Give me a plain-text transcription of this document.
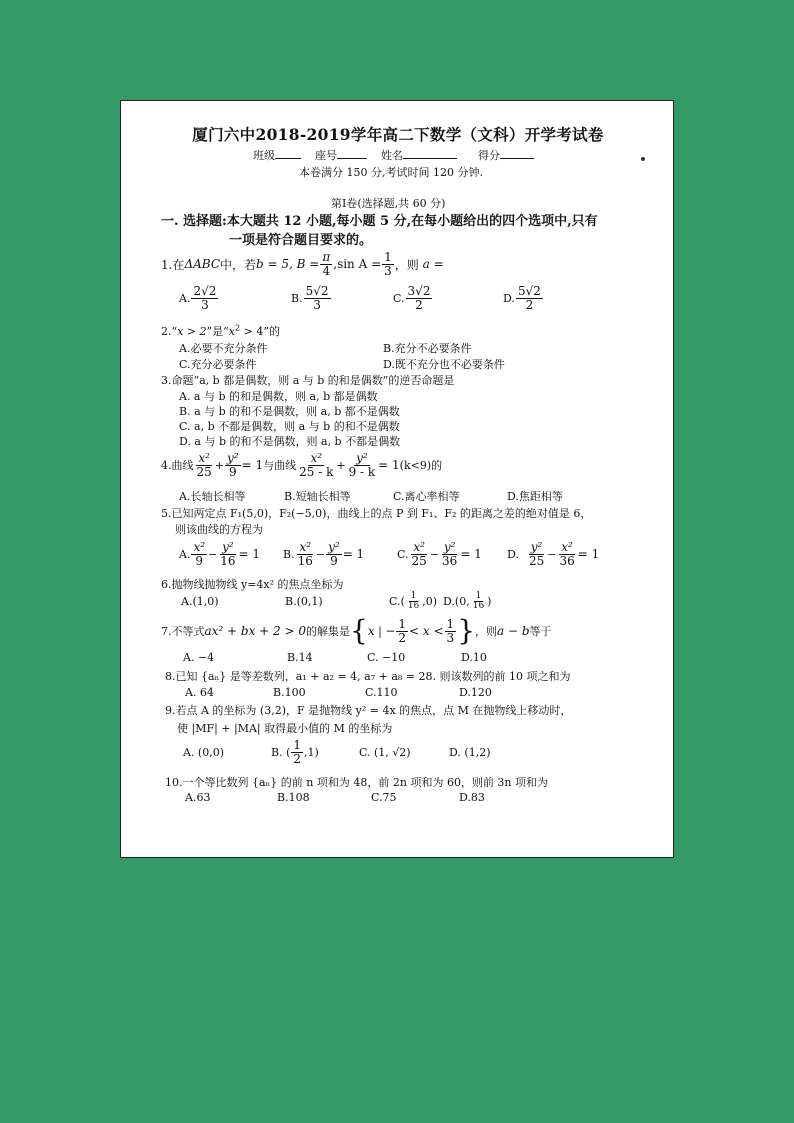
厦门六中2018-2019学年高二下数学（文科）开学考试卷
班级	座号	姓名	得分
本卷满分 150 分,考试时间 120 分钟.
第Ⅰ卷(选择题,共 60 分)
一. 选择题:本大题共 12 小题,每小题 5 分,在每小题给出的四个选项中,只有
一项是符合题目要求的。
1.在 ΔABC 中，若 b = 5, $B = \frac{\pi}{4} ,\sin$ $A = \frac{1}{3}$ ，则
a =
A. $\frac{2√2}{3}$	B. $\frac{5√2}{3}$	C. $\frac{3√2}{2}$	D. $\frac{5√2}{2}$
2.“x > 2”是“$x^2 > 4$”的
A.必要不充分条件	B.充分不必要条件
C.充分必要条件	D.既不充分也不必要条件
3.命题“a, b 都是偶数，则 a 与 b 的和是偶数”的逆否命题是
A. a 与 b 的和是偶数，则 a, b 都是偶数
B. a 与 b 的和不是偶数，则 a, b 都不是偶数
C. a, b 不都是偶数，则 a 与 b 的和不是偶数
D. a 与 b 的和不是偶数，则 a, b 不都是偶数
4.曲线 $\frac{\text{x²}}{25} + \frac{\text{y²}}{9} = 1$ 与曲线 $\frac{\text{x²}}{25 - k} + \frac{\text{y²}}{9 - k} = 1$ (k<9)的
A.长轴长相等	B.短轴长相等	C.离心率相等	D.焦距相等
5.已知两定点 F₁(5,0)，F₂(−5,0)，曲线上的点 P 到 F₁、F₂ 的距离之差的绝对值是 6，
则该曲线的方程为
A. $\frac{\text{x²}}{9} - \frac{\text{y²}}{16} = 1$ B. $\frac{\text{x²}}{16} - \frac{\text{y²}}{9} = 1$	C. $\frac{\text{x²}}{25} - \frac{\text{y²}}{36} = 1$ D.
$\frac{\text{y²}}{25} - \frac{\text{x²}}{36} = 1$
6.抛物线抛物线 y=4x² 的焦点坐标为
A.(1,0)	B.(0,1)	$C.( \frac{1}{16} ,0)$ D.(0, $\frac{1}{16}$ )
7.不等式 ax² + bx + 2 > 0 的解集是 { x | − $\frac{1}{2} < x < \frac{1}{3}$ } ，则 a − b 等于
A. −4	B.14	C. −10	D.10
8.已知 {aₙ} 是等差数列，a₁ + a₂ = 4, a₇ + a₈ = 28. 则该数列的前 10 项之和为
A. 64	B.100	C.110	D.120
9.若点 A 的坐标为 (3,2)，F 是抛物线 y² = 4x 的焦点，点 M 在抛物线上移动时，
使 |MF| + |MA| 取得最小值的 M 的坐标为
A. (0,0)	B. ( $\frac{1}{2} ,1$)	C. (1, √2)	D. (1,2)
10.一个等比数列 {aₙ} 的前 n 项和为 48，前 2n 项和为 60，则前 3n 项和为
A.63	B.108	C.75	D.83
